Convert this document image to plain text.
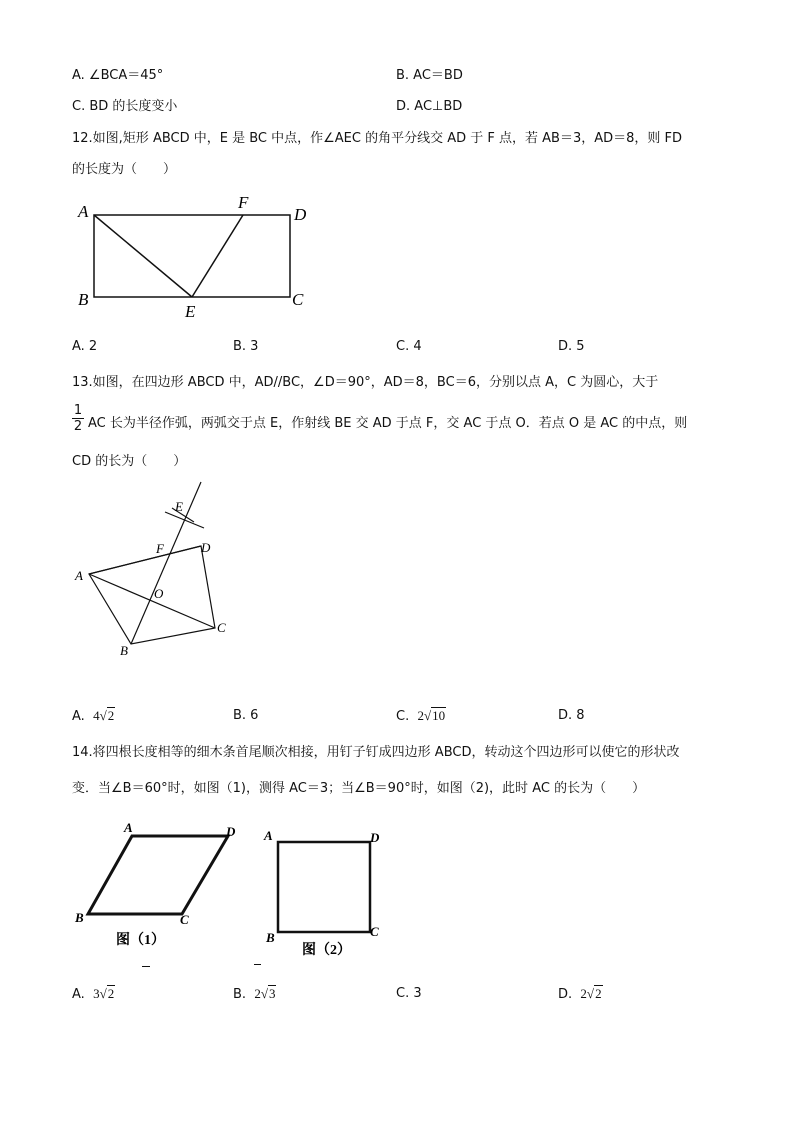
A. ∠BCA＝45°	B. AC＝BD
C. BD 的长度变小	D. AC⊥BD
12.如图,矩形 ABCD 中，E 是 BC 中点，作∠AEC 的角平分线交 AD 于 F 点，若 AB＝3，AD＝8，则 FD
的长度为（　　）
A	F
D
B
E
C
A. 2	B. 3	C. 4	D. 5
13.如图，在四边形 ABCD 中，AD//BC，∠D＝90°，AD＝8，BC＝6，分别以点 A，C 为圆心，大于
1
2 AC 长为半径作弧，两弧交于点 E，作射线 BE 交 AD 于点 F，交 AC 于点 O．若点 O 是 AC 的中点，则
CD 的长为（　　）
E
F	D
A
O
C
B
A. 4√2	B. 6	C. 2√10	D. 8
14.将四根长度相等的细木条首尾顺次相接，用钉子钉成四边形 ABCD，转动这个四边形可以使它的形状改
变．当∠B＝60°时，如图（1)，测得 AC＝3；当∠B＝90°时，如图（2)，此时 AC 的长为（　　）
A	D
B	C
图（1）
A	D
B	C
图（2）
A. 3√2	B. 2√3	C. 3	D. 2√2
